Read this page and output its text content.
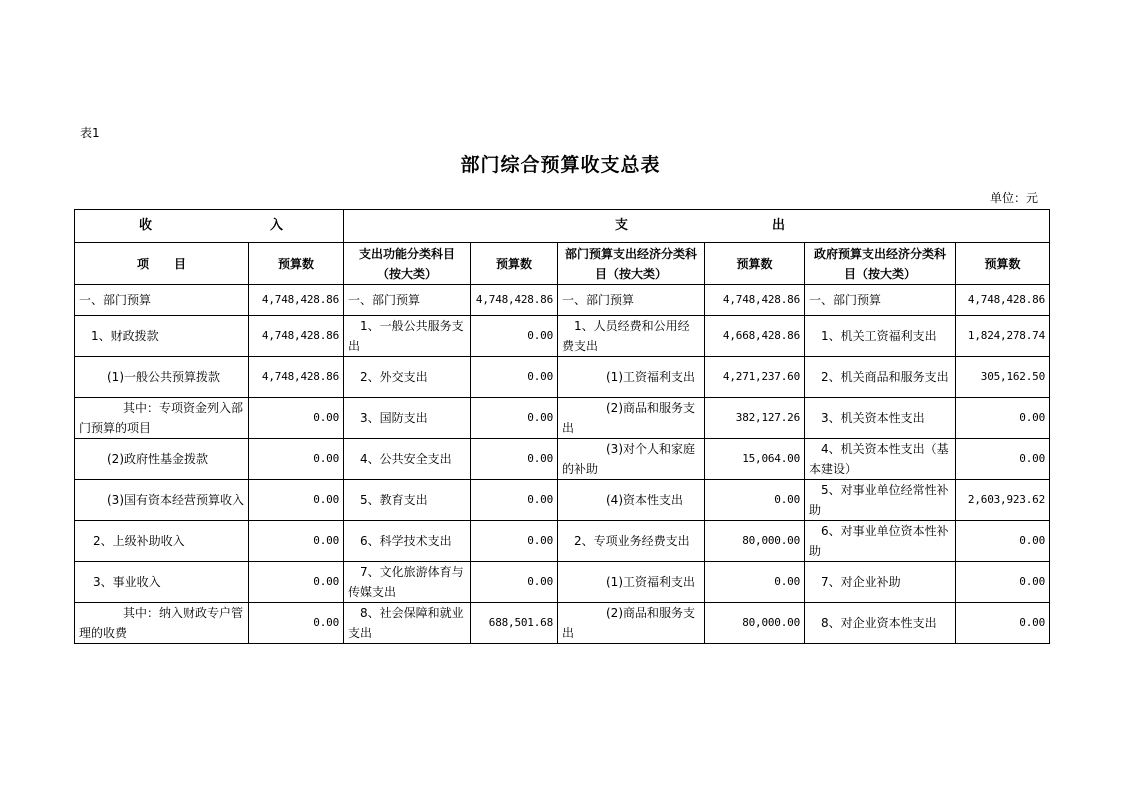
表1
部门综合预算收支总表
单位：元
收 入		支 出					

项 目	预算数	支出功能分类科目（按大类）	预算数	部门预算支出经济分类科目（按大类）	预算数	政府预算支出经济分类科目（按大类）	预算数
一、部门预算	4,748,428.86	一、部门预算	4,748,428.86	一、部门预算	4,748,428.86	一、部门预算	4,748,428.86
1、财政拨款	4,748,428.86	1、一般公共服务支出	0.00	1、人员经费和公用经费支出	4,668,428.86	1、机关工资福利支出	1,824,278.74
(1)一般公共预算拨款	4,748,428.86	2、外交支出	0.00	(1)工资福利支出	4,271,237.60	2、机关商品和服务支出	305,162.50
其中：专项资金列入部门预算的项目	0.00	3、国防支出	0.00	(2)商品和服务支出	382,127.26	3、机关资本性支出	0.00
(2)政府性基金拨款	0.00	4、公共安全支出	0.00	(3)对个人和家庭的补助	15,064.00	4、机关资本性支出（基本建设）	0.00
(3)国有资本经营预算收入	0.00	5、教育支出	0.00	(4)资本性支出	0.00	5、对事业单位经常性补助	2,603,923.62
2、上级补助收入	0.00	6、科学技术支出	0.00	2、专项业务经费支出	80,000.00	6、对事业单位资本性补助	0.00
3、事业收入	0.00	7、文化旅游体育与传媒支出	0.00	(1)工资福利支出	0.00	7、对企业补助	0.00
其中：纳入财政专户管理的收费	0.00	8、社会保障和就业支出	688,501.68	(2)商品和服务支出	80,000.00	8、对企业资本性支出	0.00
